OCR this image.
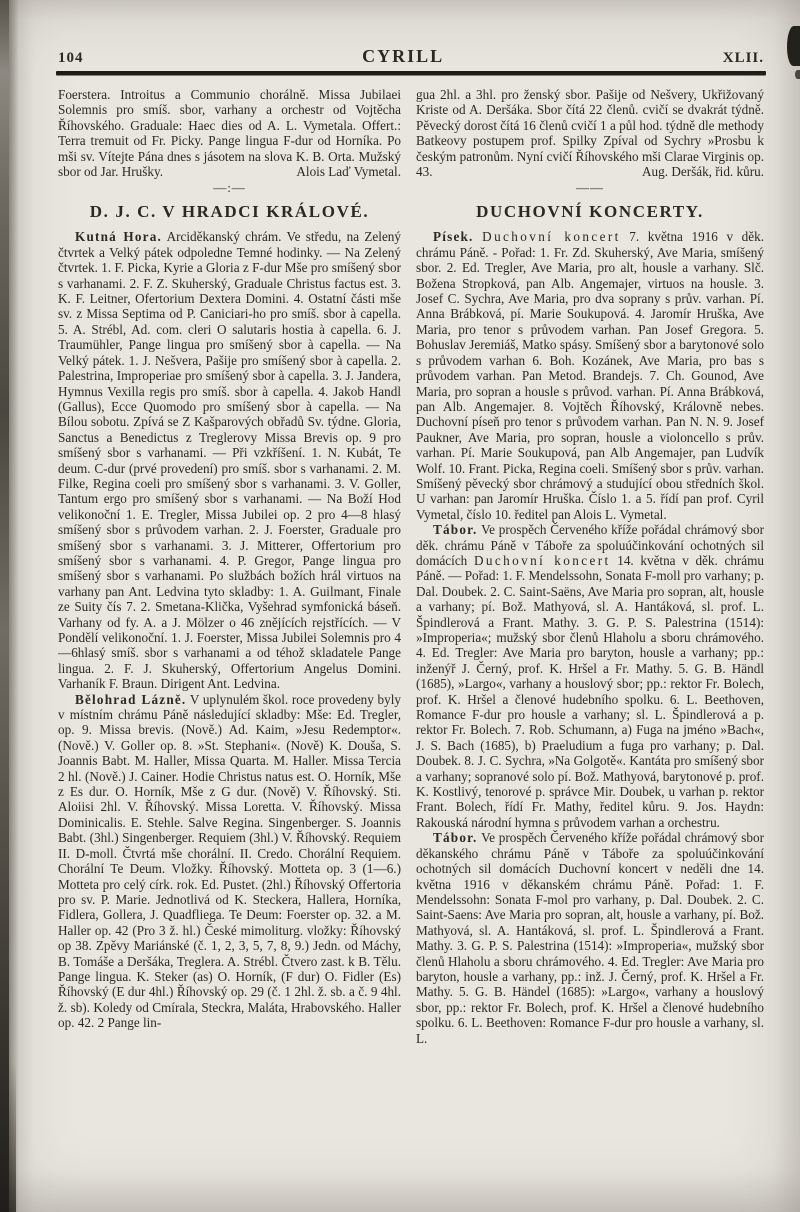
104	CYRILL	XLII.

Foerstera. Introitus a Communio chorálně. Missa Jubilaei Solemnis pro smíš. sbor, varhany a orchestr od Vojtěcha Říhovského. Graduale: Haec dies od A. L. Vymetala. Offert.: Terra tremuit od Fr. Picky. Pange lingua F-dur od Horníka. Po mši sv. Vítejte Pána dnes s jásotem na slova K. B. Orta. Mužský sbor od Jar. Hrušky.	Alois Laď Vymetal.

—:—
D. J. C. V HRADCI KRÁLOVÉ.

Kutná Hora. Arciděkanský chrám. Ve středu, na Zelený čtvrtek a Velký pátek odpoledne Temné hodinky. — Na Zelený čtvrtek. 1. F. Picka, Kyrie a Gloria z F-dur Mše pro smíšený sbor s varhanami. 2. F. Z. Skuherský, Graduale Christus factus est. 3. K. F. Leitner, Ofertorium Dextera Domini. 4. Ostatní části mše sv. z Missa Septima od P. Caniciari-ho pro smíš. sbor à capella. 5. A. Strébl, Ad. com. cleri O salutaris hostia à capella. 6. J. Traumühler, Pange lingua pro smíšený sbor à capella. — Na Velký pátek. 1. J. Nešvera, Pašije pro smíšený sbor à capella. 2. Palestrina, Improperiae pro smíšený sbor à capella. 3. J. Jandera, Hymnus Vexilla regis pro smíš. sbor à capella. 4. Jakob Handl (Gallus), Ecce Quomodo pro smíšený sbor à capella. — Na Bílou sobotu. Zpívá se Z Kašparových obřadů Sv. týdne. Gloria, Sanctus a Benedictus z Treglerovy Missa Brevis op. 9 pro smíšený sbor s varhanami. — Při vzkříšení. 1. N. Kubát, Te deum. C-dur (prvé provedení) pro smíš. sbor s varhanami. 2. M. Filke, Regina coeli pro smíšený sbor s varhanami. 3. V. Goller, Tantum ergo pro smíšený sbor s varhanami. — Na Boží Hod velikonoční 1. E. Tregler, Missa Jubilei op. 2 pro 4—8 hlasý smíšený sbor s průvodem varhan. 2. J. Foerster, Graduale pro smíšený sbor s varhanami. 3. J. Mitterer, Offertorium pro smíšený sbor s varhanami. 4. P. Gregor, Pange lingua pro smíšený sbor s varhanami. Po službách božích hrál virtuos na varhany pan Ant. Ledvina tyto skladby: 1. A. Guilmant, Finale ze Suity čís 7. 2. Smetana-Klička, Vyšehrad symfonická báseň. Varhany od fy. A. a J. Mölzer o 46 znějících rejstřících. — V Pondělí velikonoční. 1. J. Foerster, Missa Jubilei Solemnis pro 4—6hlasý smíš. sbor s varhanami a od téhož skladatele Pange lingua. 2. F. J. Skuherský, Offertorium Angelus Domini. Varhaník F. Braun. Dirigent Ant. Ledvina.

Bělohrad Lázně. V uplynulém škol. roce provedeny byly v místním chrámu Páně následující skladby: Mše: Ed. Tregler, op. 9. Missa brevis. (Nově.) Ad. Kaim, »Jesu Redemptor«. (Nově.) V. Goller op. 8. »St. Stephani«. (Nově) K. Douša, S. Joannis Babt. M. Haller, Missa Quarta. M. Haller. Missa Tercia 2 hl. (Nově.) J. Cainer. Hodie Christus natus est. O. Horník, Mše z Es dur. O. Horník, Mše z G dur. (Nově) V. Říhovský. Sti. Aloiisi 2hl. V. Říhovský. Missa Loretta. V. Říhovský. Missa Dominicalis. E. Stehle. Salve Regina. Singenberger. S. Joannis Babt. (3hl.) Singenberger. Requiem (3hl.) V. Říhovský. Requiem II. D-moll. Čtvrtá mše chorální. II. Credo. Chorální Requiem. Chorální Te Deum. Vložky. Říhovský. Motteta op. 3 (1—6.) Motteta pro celý círk. rok. Ed. Pustet. (2hl.) Říhovský Offertoria pro sv. P. Marie. Jednotlivá od K. Steckera, Hallera, Horníka, Fidlera, Gollera, J. Quadfliega. Te Deum: Foerster op. 32. a M. Haller op. 42 (Pro 3 ž. hl.) České mimoliturg. vložky: Říhovský op 38. Zpěvy Mariánské (č. 1, 2, 3, 5, 7, 8, 9.) Jedn. od Máchy, B. Tomáše a Deršáka, Treglera. A. Strébl. Čtvero zast. k B. Tělu. Pange lingua. K. Steker (as) O. Horník, (F dur) O. Fidler (Es) Říhovský (E dur 4hl.) Říhovský op. 29 (č. 1 2hl. ž. sb. a č. 9 4hl. ž. sb). Koledy od Cmírala, Steckra, Maláta, Hrabovského. Haller op. 42. 2 Pange lin-

gua 2hl. a 3hl. pro ženský sbor. Pašije od Nešvery, Ukřižovaný Kriste od A. Deršáka. Sbor čítá 22 členů. cvičí se dvakrát týdně. Pěvecký dorost čítá 16 členů cvičí 1 a půl hod. týdně dle methody Batkeovy postupem prof. Spilky Zpíval od Sychry »Prosbu k českým patronům. Nyní cvičí Říhovského mši Clarae Virginis op. 43.	Aug. Deršák, řid. kůru.

——
DUCHOVNÍ KONCERTY.

Písek. Duchovní koncert 7. května 1916 v děk. chrámu Páně. - Pořad: 1. Fr. Zd. Skuherský, Ave Maria, smíšený sbor. 2. Ed. Tregler, Ave Maria, pro alt, housle a varhany. Slč. Božena Stropková, pan Alb. Angemajer, virtuos na housle. 3. Josef C. Sychra, Ave Maria, pro dva soprany s prův. varhan. Pí. Anna Brábková, pí. Marie Soukupová. 4. Jaromír Hruška, Ave Maria, pro tenor s průvodem varhan. Pan Josef Gregora. 5. Bohuslav Jeremiáš, Matko spásy. Smíšený sbor a barytonové solo s průvodem varhan 6. Boh. Kozánek, Ave Maria, pro bas s průvodem varhan. Pan Metod. Brandejs. 7. Ch. Gounod, Ave Maria, pro sopran a housle s průvod. varhan. Pí. Anna Brábková, pan Alb. Angemajer. 8. Vojtěch Říhovský, Královně nebes. Duchovní píseň pro tenor s průvodem varhan. Pan N. N. 9. Josef Paukner, Ave Maria, pro sopran, housle a violoncello s prův. varhan. Pí. Marie Soukupová, pan Alb Angemajer, pan Ludvík Wolf. 10. Frant. Picka, Regina coeli. Smíšený sbor s prův. varhan. Smíšený pěvecký sbor chrámový a studující obou středních škol. U varhan: pan Jaromír Hruška. Číslo 1. a 5. řídí pan prof. Cyril Vymetal, číslo 10. ředitel pan Alois L. Vymetal.

Tábor. Ve prospěch Červeného kříže pořádal chrámový sbor děk. chrámu Páně v Táboře za spoluúčinkování ochotných sil domácích Duchovní koncert 14. května v děk. chrámu Páně. — Pořad: 1. F. Mendelssohn, Sonata F-moll pro varhany; p. Dal. Doubek. 2. C. Saint-Saëns, Ave Maria pro sopran, alt, housle a varhany; pí. Bož. Mathyová, sl. A. Hantáková, sl. prof. L. Špindlerová a Frant. Mathy. 3. G. P. S. Palestrina (1514): »Improperia«; mužský sbor členů Hlaholu a sboru chrámového. 4. Ed. Tregler: Ave Maria pro baryton, housle a varhany; pp.: inženýř J. Černý, prof. K. Hršel a Fr. Mathy. 5. G. B. Händl (1685), »Largo«, varhany a houslový sbor; pp.: rektor Fr. Bolech, prof. K. Hršel a členové hudebního spolku. 6. L. Beethoven, Romance F-dur pro housle a varhany; sl. L. Špindlerová a p. rektor Fr. Bolech. 7. Rob. Schumann, a) Fuga na jméno »Bach«, J. S. Bach (1685), b) Praeludium a fuga pro varhany; p. Dal. Doubek. 8. J. C. Sychra, »Na Golgotě«. Kantáta pro smíšený sbor a varhany; sopranové solo pí. Bož. Mathyová, barytonové p. prof. K. Kostlivý, tenorové p. správce Mir. Doubek, u varhan p. rektor Frant. Bolech, řídí Fr. Mathy, ředitel kůru. 9. Jos. Haydn: Rakouská národní hymna s průvodem varhan a orchestru.

Tábor. Ve prospěch Červeného kříže pořádal chrámový sbor děkanského chrámu Páně v Táboře za spoluúčinkování ochotných sil domácích Duchovní koncert v neděli dne 14. května 1916 v děkanském chrámu Páně. Pořad: 1. F. Mendelssohn: Sonata F-mol pro varhany, p. Dal. Doubek. 2. C. Saint-Saens: Ave Maria pro sopran, alt, housle a varhany, pí. Bož. Mathyová, sl. A. Hantáková, sl. prof. L. Špindlerová a Frant. Mathy. 3. G. P. S. Palestrina (1514): »Improperia«, mužský sbor členů Hlaholu a sboru chrámového. 4. Ed. Tregler: Ave Maria pro baryton, housle a varhany, pp.: inž. J. Černý, prof. K. Hršel a Fr. Mathy. 5. G. B. Händel (1685): »Largo«, varhany a houslový sbor, pp.: rektor Fr. Bolech, prof. K. Hršel a členové hudebního spolku. 6. L. Beethoven: Romance F-dur pro housle a varhany, sl. L.
